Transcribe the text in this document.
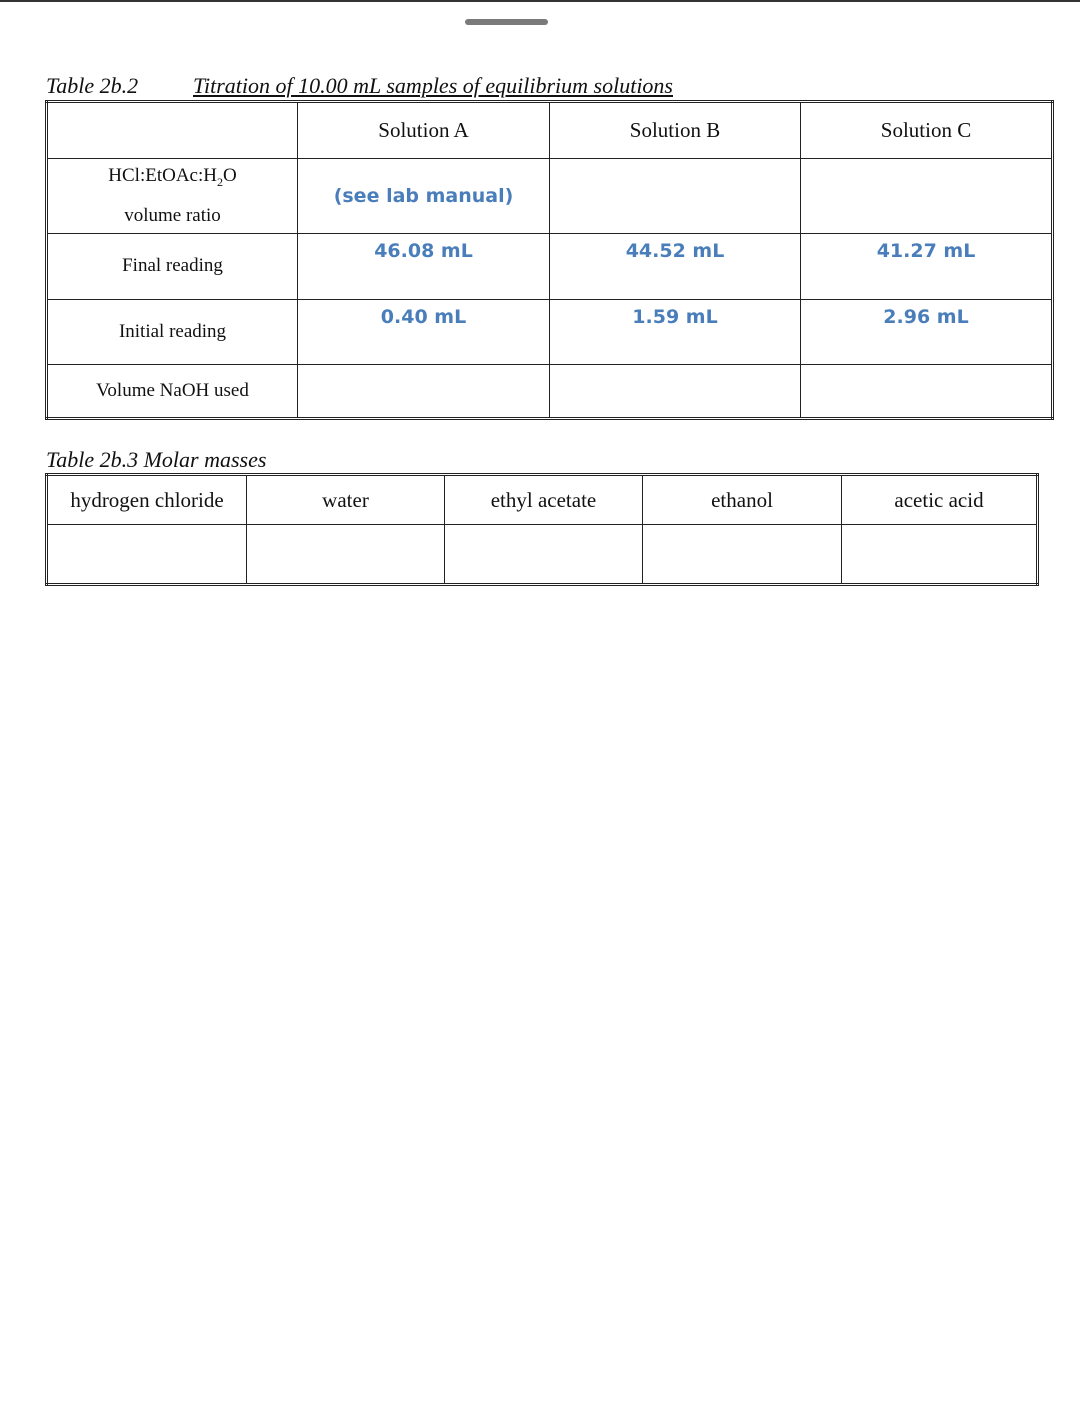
Table 2b.2 Titration of 10.00 mL samples of equilibrium solutions
	Solution A	Solution B	Solution C
$HCl:EtOAc:H_2O$
volume ratio	(see lab manual)		
Final reading	46.08 mL	44.52 mL	41.27 mL
Initial reading	0.40 mL	1.59 mL	2.96 mL
Volume NaOH used			
Table 2b.3 Molar masses
hydrogen chloride	water	ethyl acetate	ethanol	acetic acid
